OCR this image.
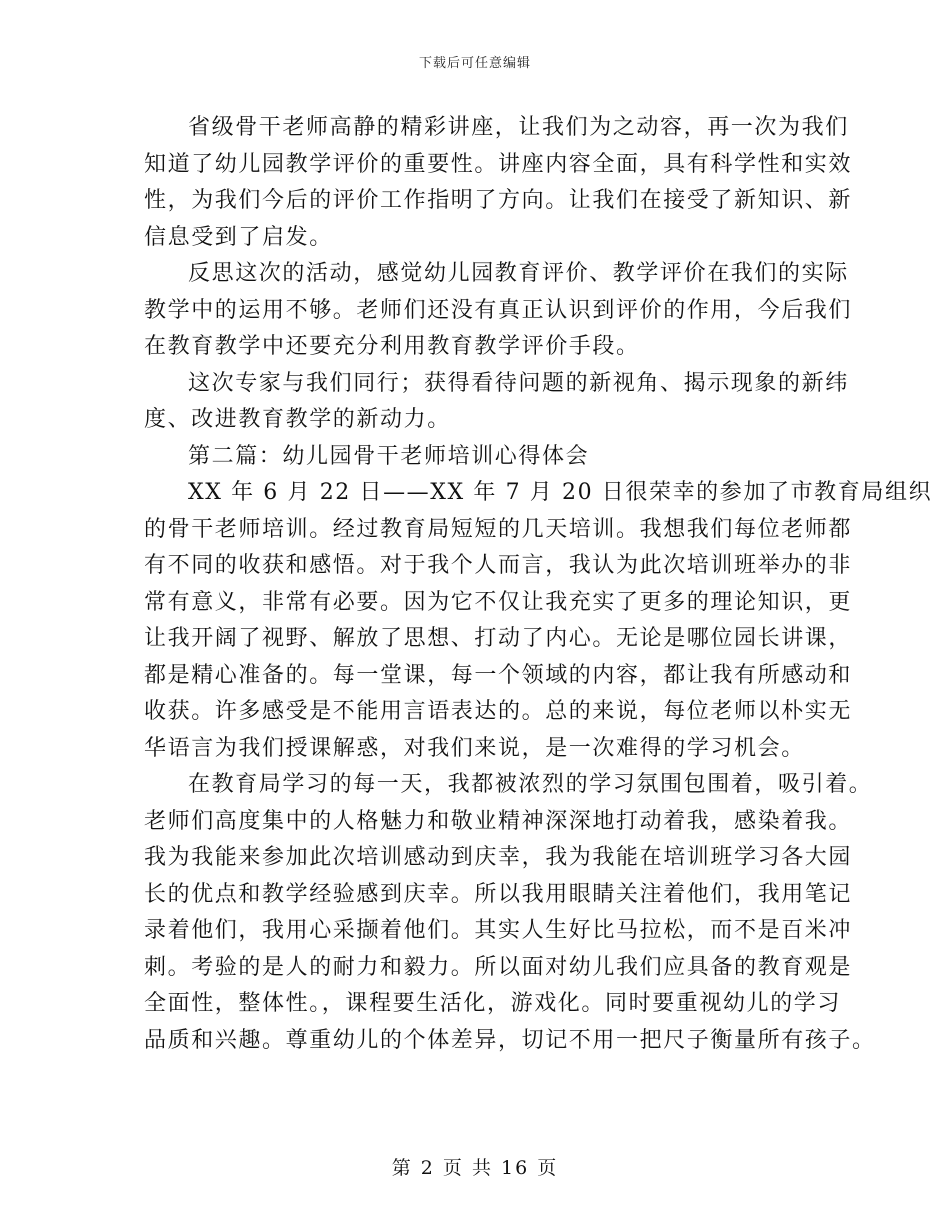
下载后可任意编辑
省级骨干老师高静的精彩讲座，让我们为之动容，再一次为我们
知道了幼儿园教学评价的重要性。讲座内容全面，具有科学性和实效
性，为我们今后的评价工作指明了方向。让我们在接受了新知识、新
信息受到了启发。
反思这次的活动，感觉幼儿园教育评价、教学评价在我们的实际
教学中的运用不够。老师们还没有真正认识到评价的作用，今后我们
在教育教学中还要充分利用教育教学评价手段。
这次专家与我们同行；获得看待问题的新视角、揭示现象的新纬
度、改进教育教学的新动力。
第二篇：幼儿园骨干老师培训心得体会
XX 年 6 月 22 日——XX 年 7 月 20 日很荣幸的参加了市教育局组织
的骨干老师培训。经过教育局短短的几天培训。我想我们每位老师都
有不同的收获和感悟。对于我个人而言，我认为此次培训班举办的非
常有意义，非常有必要。因为它不仅让我充实了更多的理论知识，更
让我开阔了视野、解放了思想、打动了内心。无论是哪位园长讲课，
都是精心准备的。每一堂课，每一个领域的内容，都让我有所感动和
收获。许多感受是不能用言语表达的。总的来说，每位老师以朴实无
华语言为我们授课解惑，对我们来说，是一次难得的学习机会。
在教育局学习的每一天，我都被浓烈的学习氛围包围着，吸引着。
老师们高度集中的人格魅力和敬业精神深深地打动着我，感染着我。
我为我能来参加此次培训感动到庆幸，我为我能在培训班学习各大园
长的优点和教学经验感到庆幸。所以我用眼睛关注着他们，我用笔记
录着他们，我用心采撷着他们。其实人生好比马拉松，而不是百米冲
刺。考验的是人的耐力和毅力。所以面对幼儿我们应具备的教育观是
全面性，整体性。，课程要生活化，游戏化。同时要重视幼儿的学习
品质和兴趣。尊重幼儿的个体差异，切记不用一把尺子衡量所有孩子。
第 2 页 共 16 页
